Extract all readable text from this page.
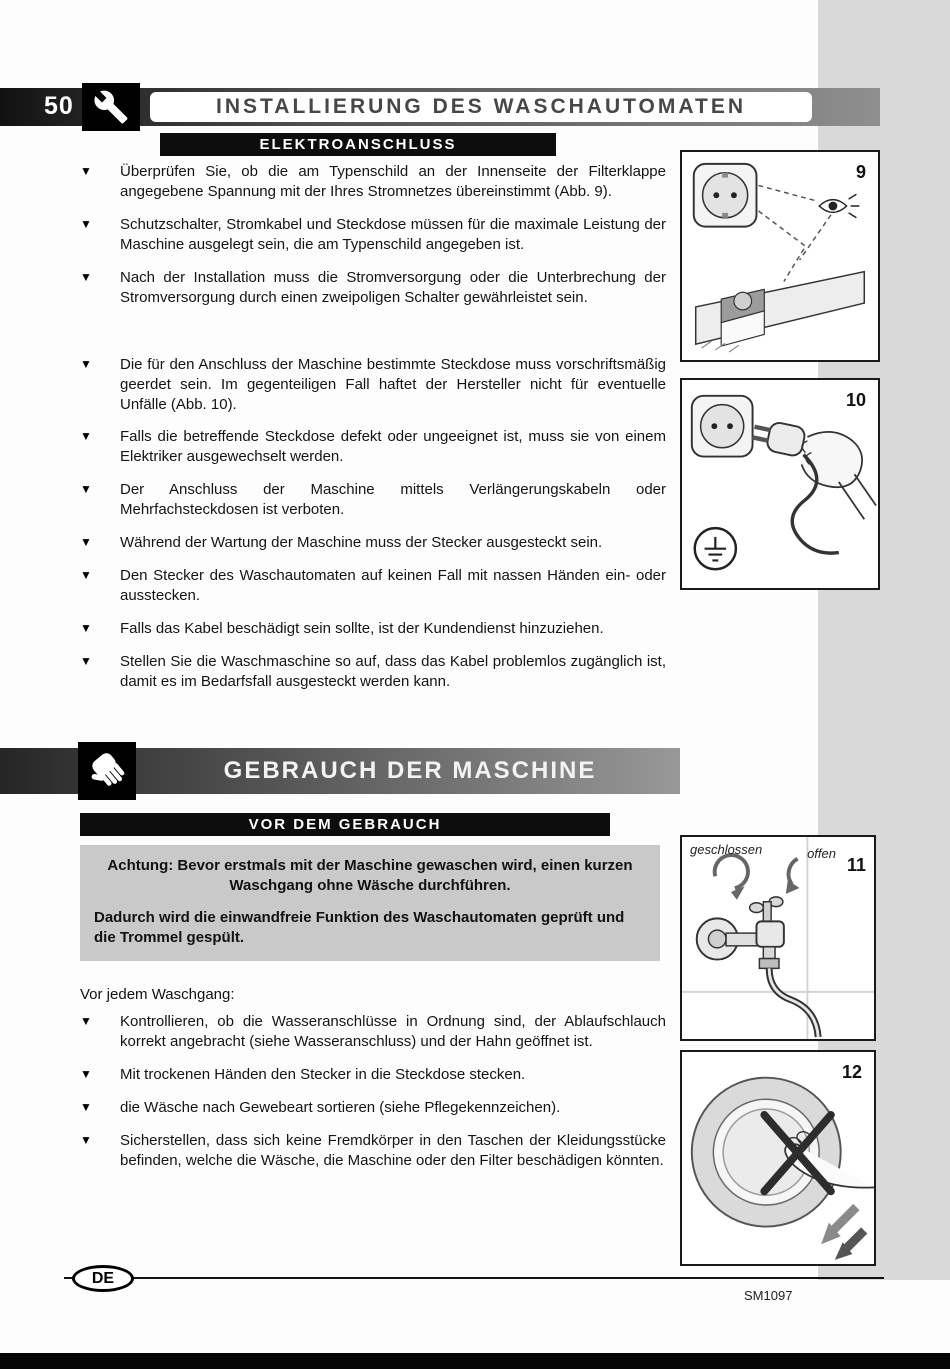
50	INSTALLIERUNG DES WASCHAUTOMATEN
ELEKTROANSCHLUSS
▼	Überprüfen Sie, ob die am Typenschild an der Innenseite der Filterklappe angegebene Spannung mit der Ihres Stromnetzes übereinstimmt (Abb. 9).
▼	Schutzschalter, Stromkabel und Steckdose müssen für die maximale Leistung der Maschine ausgelegt sein, die am Typenschild angegeben ist.
▼	Nach der Installation muss die Stromversorgung oder die Unterbrechung der Stromversorgung durch einen zweipoligen Schalter gewährleistet sein.
▼	Die für den Anschluss der Maschine bestimmte Steckdose muss vorschriftsmäßig geerdet sein. Im gegenteiligen Fall haftet der Hersteller nicht für eventuelle Unfälle (Abb. 10).
▼	Falls die betreffende Steckdose defekt oder ungeeignet ist, muss sie von einem Elektriker ausgewechselt werden.
▼	Der Anschluss der Maschine mittels Verlängerungskabeln oder Mehrfachsteckdosen ist verboten.
▼	Während der Wartung der Maschine muss der Stecker ausgesteckt sein.
▼	Den Stecker des Waschautomaten auf keinen Fall mit nassen Händen ein- oder ausstecken.
▼	Falls das Kabel beschädigt sein sollte, ist der Kundendienst hinzuziehen.
▼	Stellen Sie die Waschmaschine so auf, dass das Kabel problemlos zugänglich ist, damit es im Bedarfsfall ausgesteckt werden kann.
9
10
GEBRAUCH DER MASCHINE
VOR DEM GEBRAUCH

Achtung: Bevor erstmals mit der Maschine gewaschen wird, einen kurzen Waschgang ohne Wäsche durchführen.

Dadurch wird die einwandfreie Funktion des Waschautomaten geprüft und die Trommel gespült.

Vor jedem Waschgang:
▼	Kontrollieren, ob die Wasseranschlüsse in Ordnung sind, der Ablaufschlauch korrekt angebracht (siehe Wasseranschluss) und der Hahn geöffnet ist.
▼	Mit trockenen Händen den Stecker in die Steckdose stecken.
▼	die Wäsche nach Gewebeart sortieren (siehe Pflegekennzeichen).
▼	Sicherstellen, dass sich keine Fremdkörper in den Taschen der Kleidungsstücke befinden, welche die Wäsche, die Maschine oder den Filter beschädigen könnten.
11
geschlossen	offen
12
DE
SM1097
